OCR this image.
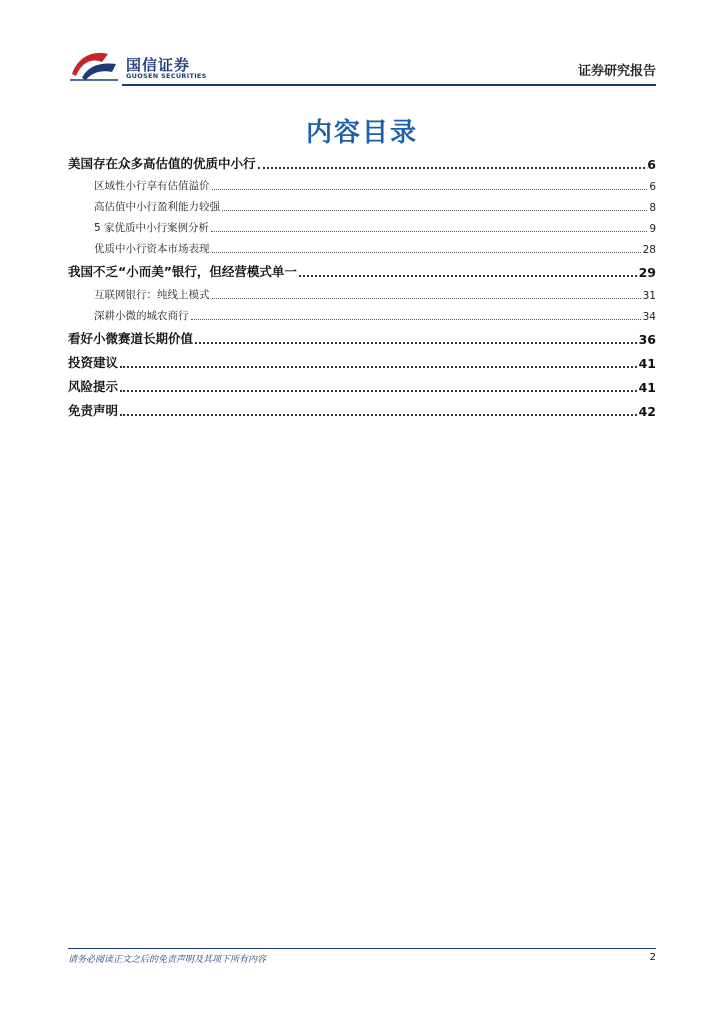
国信证券
GUOSEN SECURITIES	证券研究报告
内容目录
美国存在众多高估值的优质中小行	6
区域性小行享有估值溢价	6
高估值中小行盈利能力较强	8
5 家优质中小行案例分析	9
优质中小行资本市场表现	28
我国不乏“小而美”银行，但经营模式单一	29
互联网银行：纯线上模式	31
深耕小微的城农商行	34
看好小微赛道长期价值	36
投资建议	41
风险提示	41
免责声明	42
请务必阅读正文之后的免责声明及其项下所有内容	2
